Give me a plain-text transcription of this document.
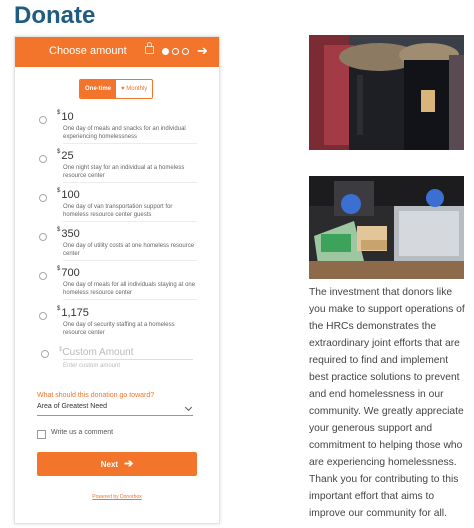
Donate
Choose amount	➔
One-time	♥ Monthly
$10
One day of meals and snacks for an individual experiencing homelessness
$25
One night stay for an individual at a homeless resource center
$100
One day of van transportation support for homeless resource center guests
$350
One day of utility costs at one homeless resource center
$700
One day of meals for all individuals staying at one homeless resource center
$1,175
One day of security staffing at a homeless resource center
$Custom Amount
Enter custom amount
What should this donation go toward?
Area of Greatest Need
Write us a comment
Next ➔
Powered by Donorbox
The investment that donors like you make to support operations of the HRCs demonstrates the extraordinary joint efforts that are required to find and implement best practice solutions to prevent and end homelessness in our community. We greatly appreciate your generous support and commitment to helping those who are experiencing homelessness. Thank you for contributing to this important effort that aims to improve our community for all.
